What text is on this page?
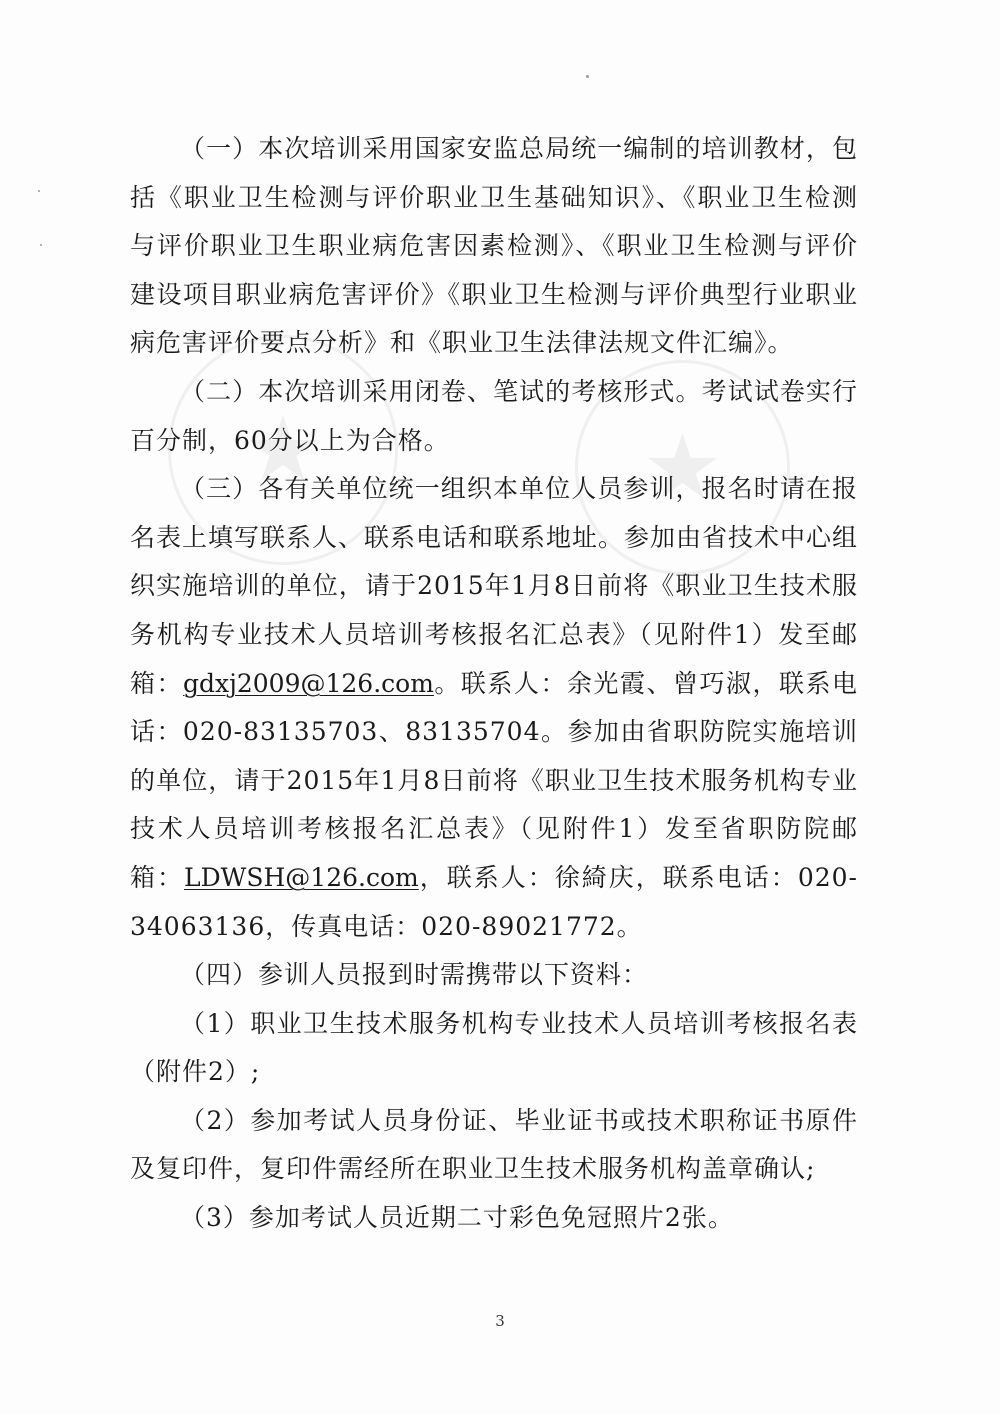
★	★

（一）本次培训采用国家安监总局统一编制的培训教材，包括《职业卫生检测与评价职业卫生基础知识》、《职业卫生检测与评价职业卫生职业病危害因素检测》、《职业卫生检测与评价建设项目职业病危害评价》《职业卫生检测与评价典型行业职业病危害评价要点分析》和《职业卫生法律法规文件汇编》。

（二）本次培训采用闭卷、笔试的考核形式。考试试卷实行百分制，60分以上为合格。

（三）各有关单位统一组织本单位人员参训，报名时请在报名表上填写联系人、联系电话和联系地址。参加由省技术中心组织实施培训的单位，请于2015年1月8日前将《职业卫生技术服务机构专业技术人员培训考核报名汇总表》（见附件1）发至邮箱：gdxj2009@126.com。联系人：余光霞、曾巧淑，联系电话：020-83135703、83135704。参加由省职防院实施培训的单位，请于2015年1月8日前将《职业卫生技术服务机构专业技术人员培训考核报名汇总表》（见附件1）发至省职防院邮箱：LDWSH@126.com，联系人：徐綺庆，联系电话：020-34063136，传真电话：020-89021772。

（四）参训人员报到时需携带以下资料：

（1）职业卫生技术服务机构专业技术人员培训考核报名表（附件2）;

（2）参加考试人员身份证、毕业证书或技术职称证书原件及复印件，复印件需经所在职业卫生技术服务机构盖章确认;

（3）参加考试人员近期二寸彩色免冠照片2张。

3
